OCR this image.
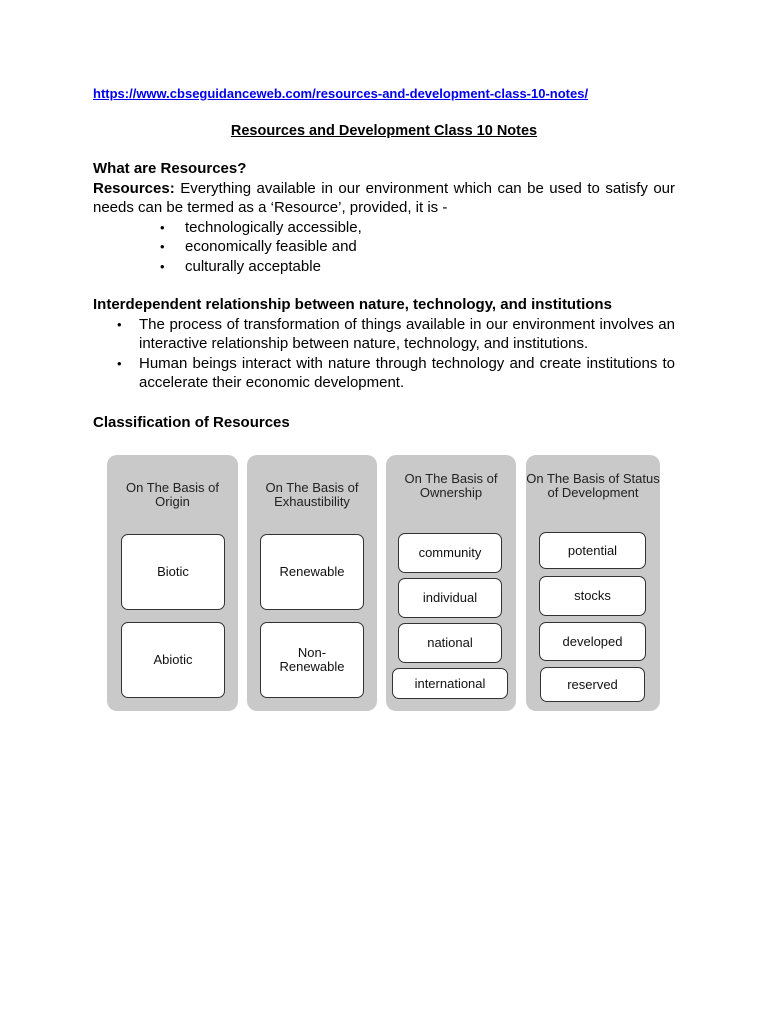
https://www.cbseguidanceweb.com/resources-and-development-class-10-notes/
Resources and Development Class 10 Notes
What are Resources?
Resources: Everything available in our environment which can be used to satisfy our needs can be termed as a ‘Resource’, provided, it is -
• technologically accessible,
• economically feasible and
• culturally acceptable
Interdependent relationship between nature, technology, and institutions
• The process of transformation of things available in our environment involves an interactive relationship between nature, technology, and institutions.
• Human beings interact with nature through technology and create institutions to accelerate their economic development.
Classification of Resources
On The Basis of Origin
Biotic
Abiotic
On The Basis of Exhaustibility
Renewable
Non-Renewable
On The Basis of Ownership
community
individual
national
international
On The Basis of Status of Development
potential
stocks
developed
reserved
